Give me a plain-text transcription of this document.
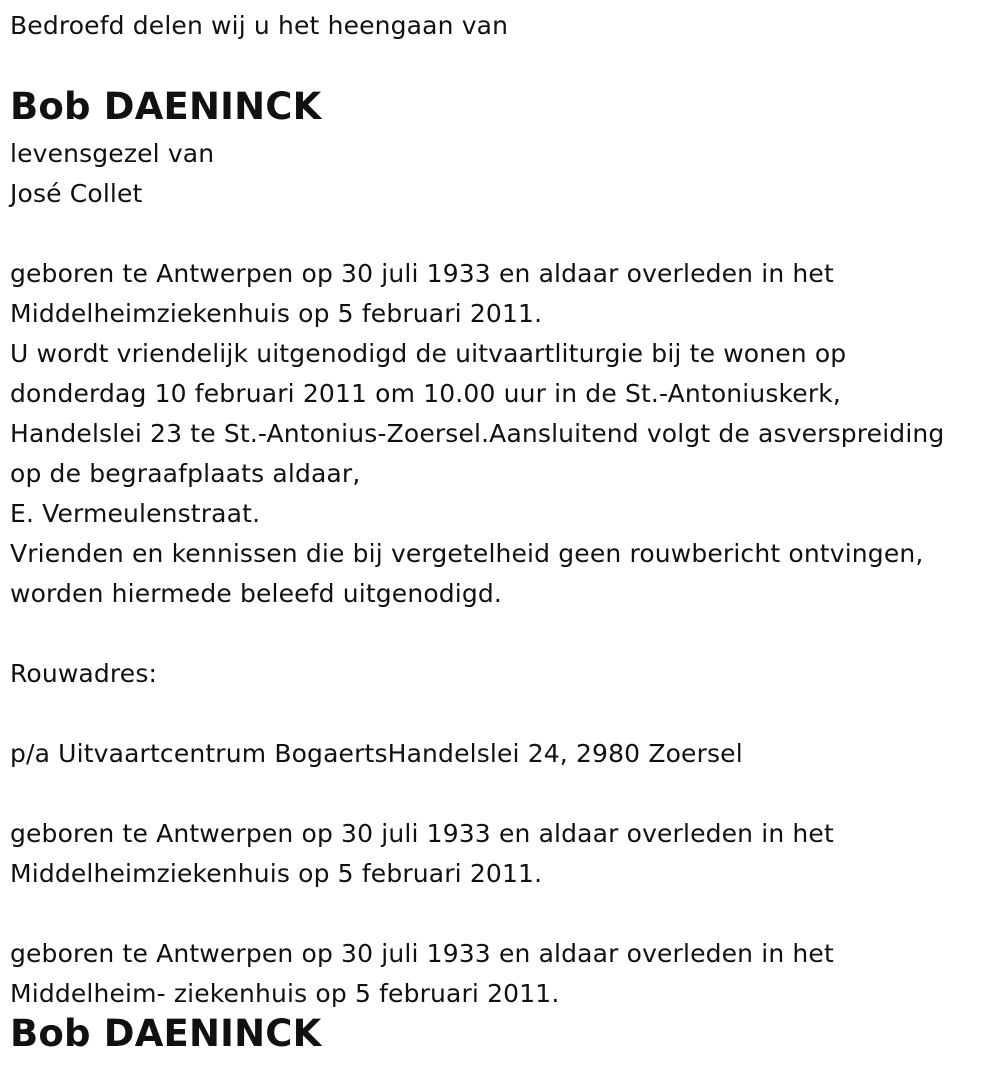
Bedroefd delen wij u het heengaan van
Bob DAENINCK
levensgezel van
José Collet
geboren te Antwerpen op 30 juli 1933 en aldaar overleden in het
Middelheimziekenhuis op 5 februari 2011.
U wordt vriendelijk uitgenodigd de uitvaartliturgie bij te wonen op
donderdag 10 februari 2011 om 10.00 uur in de St.-Antoniuskerk,
Handelslei 23 te St.-Antonius-Zoersel.Aansluitend volgt de asverspreiding
op de begraafplaats aldaar,
E. Vermeulenstraat.
Vrienden en kennissen die bij vergetelheid geen rouwbericht ontvingen,
worden hiermede beleefd uitgenodigd.
Rouwadres:
p/a Uitvaartcentrum BogaertsHandelslei 24, 2980 Zoersel
geboren te Antwerpen op 30 juli 1933 en aldaar overleden in het
Middelheimziekenhuis op 5 februari 2011.
geboren te Antwerpen op 30 juli 1933 en aldaar overleden in het
Middelheim- ziekenhuis op 5 februari 2011.
Bob DAENINCK
